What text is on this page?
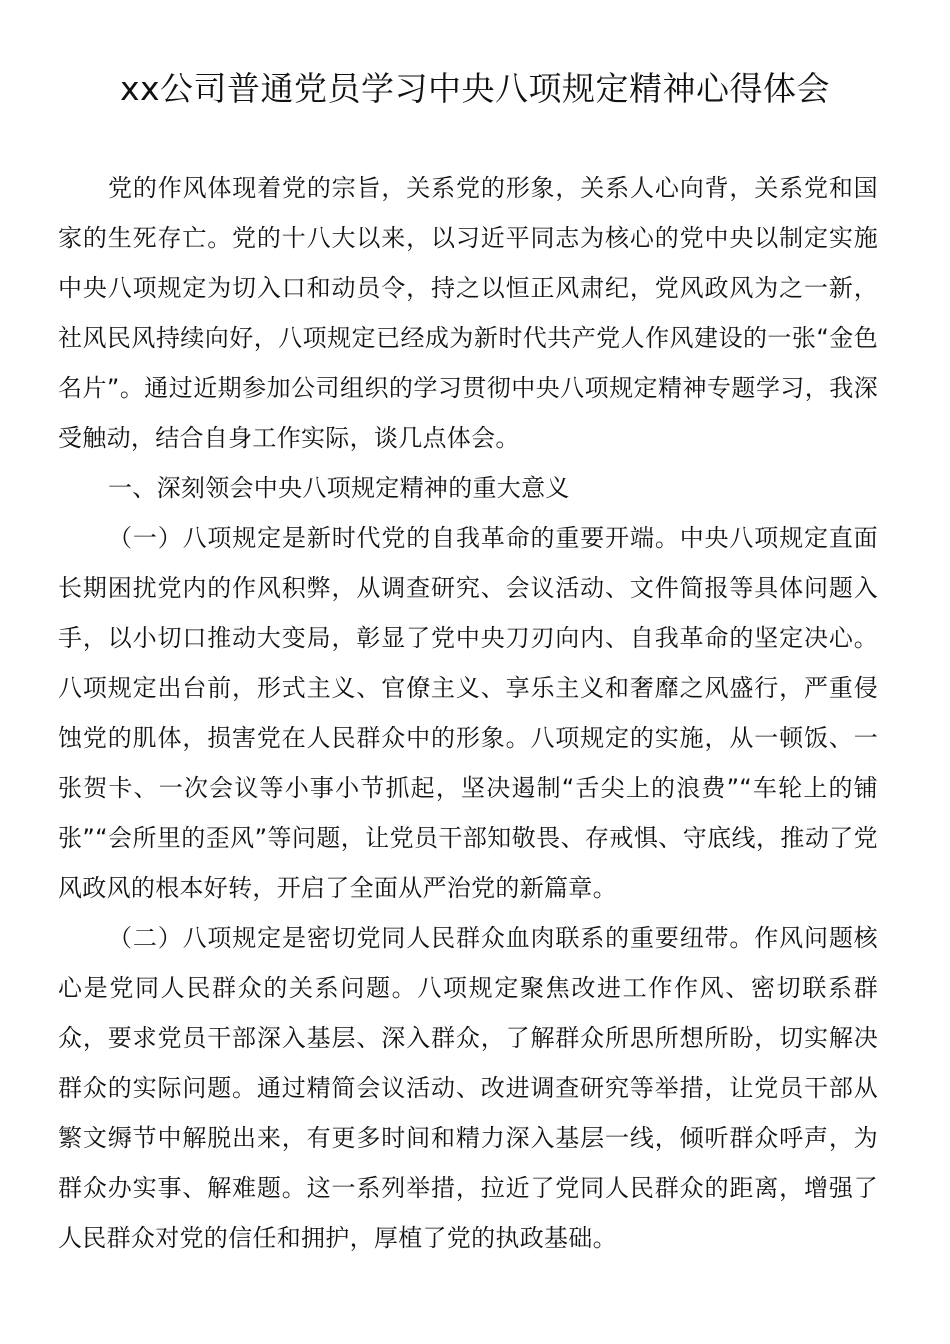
xx公司普通党员学习中央八项规定精神心得体会

党的作风体现着党的宗旨，关系党的形象，关系人心向背，关系党和国家的生死存亡。党的十八大以来，以习近平同志为核心的党中央以制定实施中央八项规定为切入口和动员令，持之以恒正风肃纪，党风政风为之一新，社风民风持续向好，八项规定已经成为新时代共产党人作风建设的一张“金色名片”。通过近期参加公司组织的学习贯彻中央八项规定精神专题学习，我深受触动，结合自身工作实际，谈几点体会。

一、深刻领会中央八项规定精神的重大意义

（一）八项规定是新时代党的自我革命的重要开端。中央八项规定直面长期困扰党内的作风积弊，从调查研究、会议活动、文件简报等具体问题入手，以小切口推动大变局，彰显了党中央刀刃向内、自我革命的坚定决心。八项规定出台前，形式主义、官僚主义、享乐主义和奢靡之风盛行，严重侵蚀党的肌体，损害党在人民群众中的形象。八项规定的实施，从一顿饭、一张贺卡、一次会议等小事小节抓起，坚决遏制“舌尖上的浪费”“车轮上的铺张”“会所里的歪风”等问题，让党员干部知敬畏、存戒惧、守底线，推动了党风政风的根本好转，开启了全面从严治党的新篇章。

（二）八项规定是密切党同人民群众血肉联系的重要纽带。作风问题核心是党同人民群众的关系问题。八项规定聚焦改进工作作风、密切联系群众，要求党员干部深入基层、深入群众，了解群众所思所想所盼，切实解决群众的实际问题。通过精简会议活动、改进调查研究等举措，让党员干部从繁文缛节中解脱出来，有更多时间和精力深入基层一线，倾听群众呼声，为群众办实事、解难题。这一系列举措，拉近了党同人民群众的距离，增强了人民群众对党的信任和拥护，厚植了党的执政基础。
